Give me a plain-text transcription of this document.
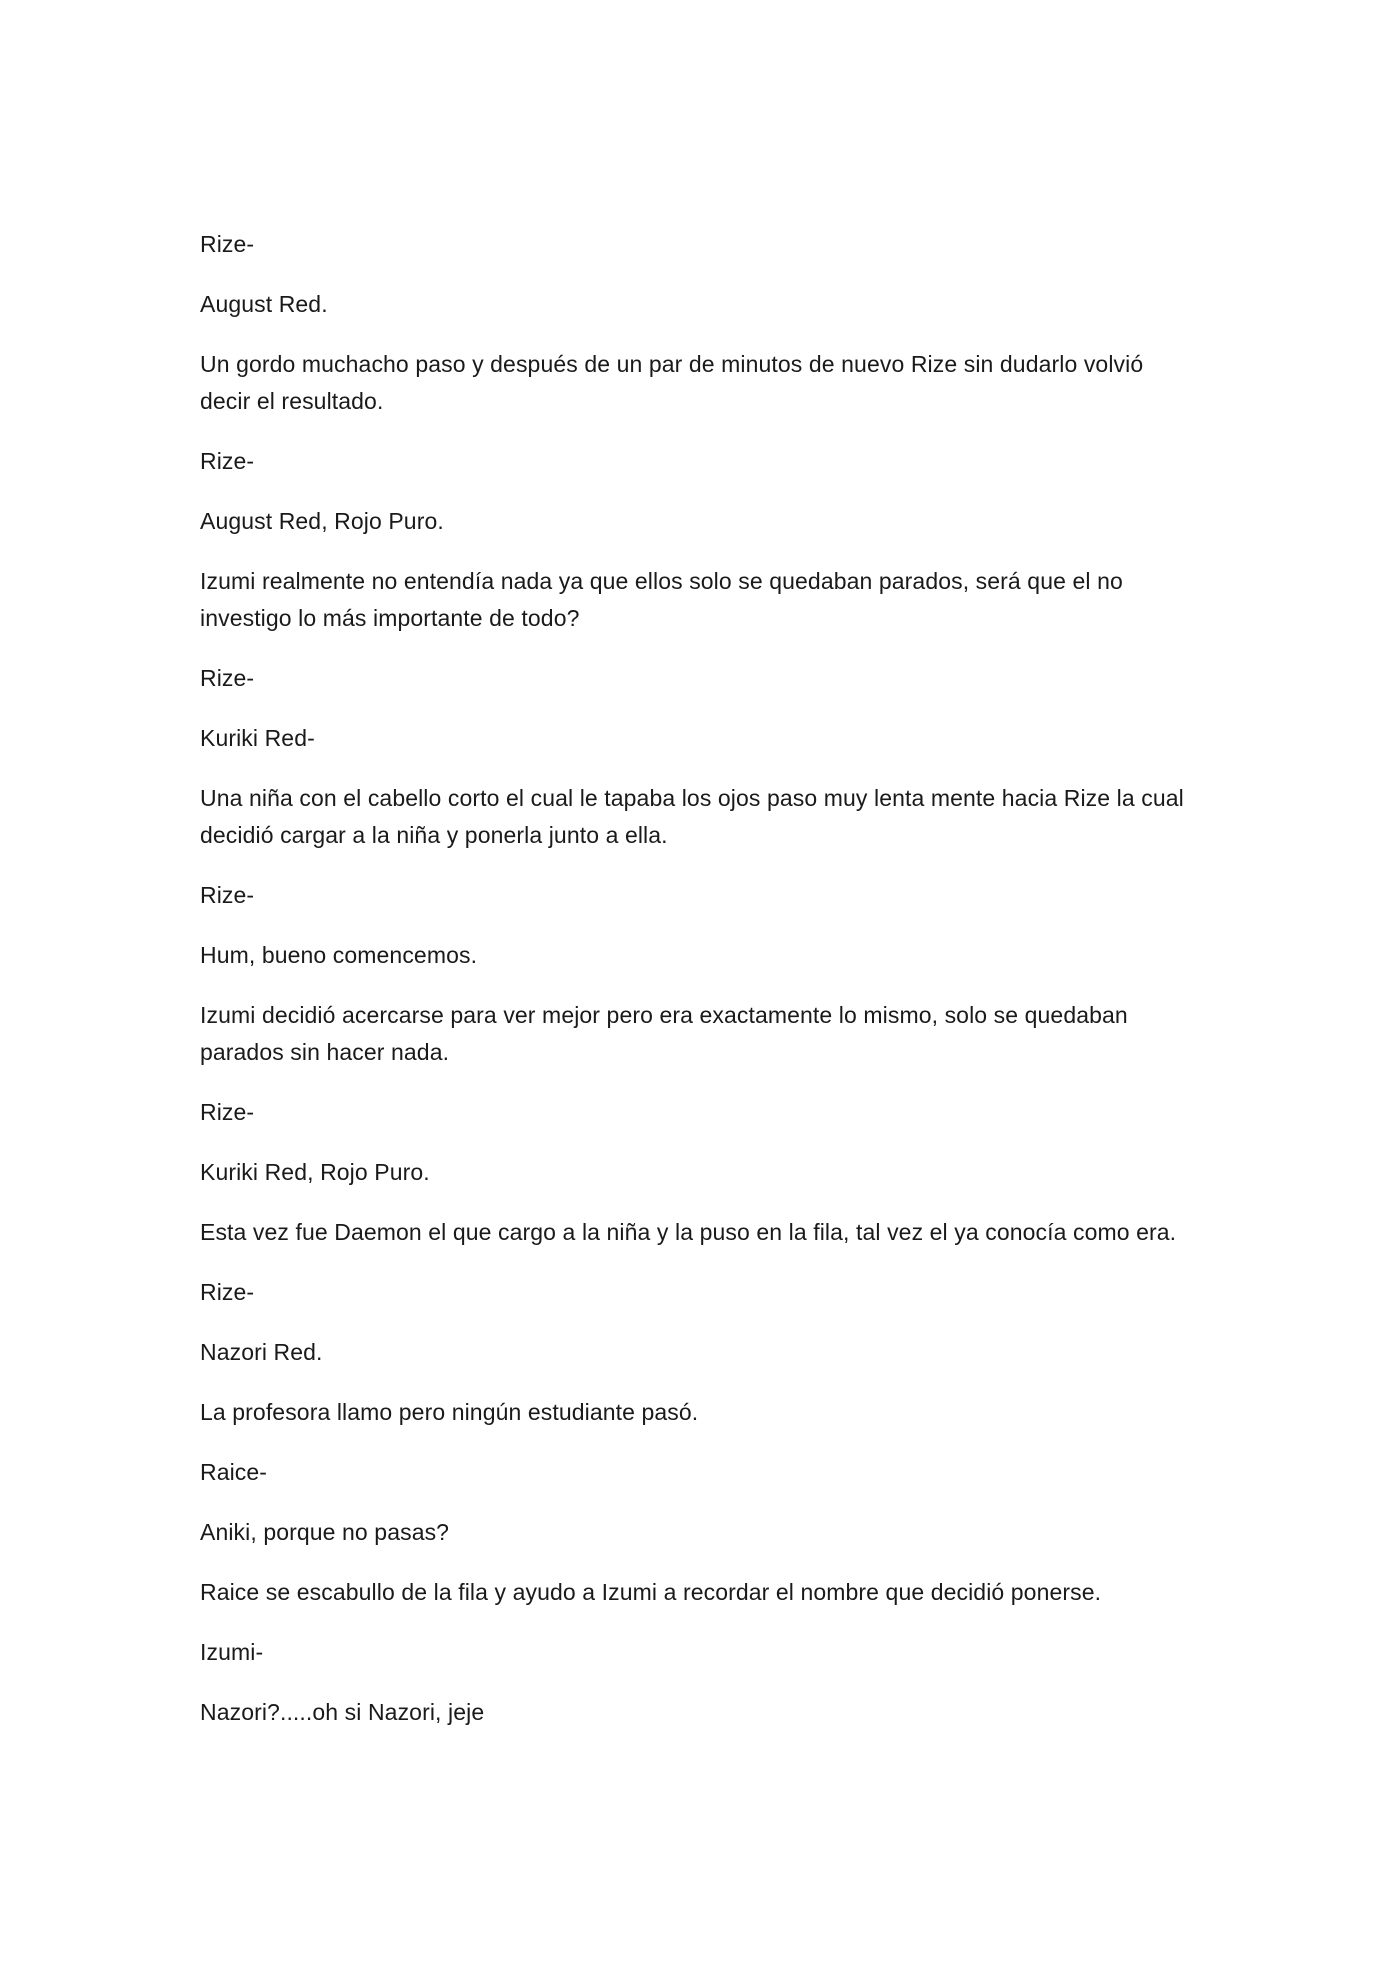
Rize-

August Red.

Un gordo muchacho paso y después de un par de minutos de nuevo Rize sin dudarlo volvió decir el resultado.

Rize-

August Red, Rojo Puro.

Izumi realmente no entendía nada ya que ellos solo se quedaban parados, será que el no investigo lo más importante de todo?

Rize-

Kuriki Red-

Una niña con el cabello corto el cual le tapaba los ojos paso muy lenta mente hacia Rize la cual decidió cargar a la niña y ponerla junto a ella.

Rize-

Hum, bueno comencemos.

Izumi decidió acercarse para ver mejor pero era exactamente lo mismo, solo se quedaban parados sin hacer nada.

Rize-

Kuriki Red, Rojo Puro.

Esta vez fue Daemon el que cargo a la niña y la puso en la fila, tal vez el ya conocía como era.

Rize-

Nazori Red.

La profesora llamo pero ningún estudiante pasó.

Raice-

Aniki, porque no pasas?

Raice se escabullo de la fila y ayudo a Izumi a recordar el nombre que decidió ponerse.

Izumi-

Nazori?.....oh si Nazori, jeje
